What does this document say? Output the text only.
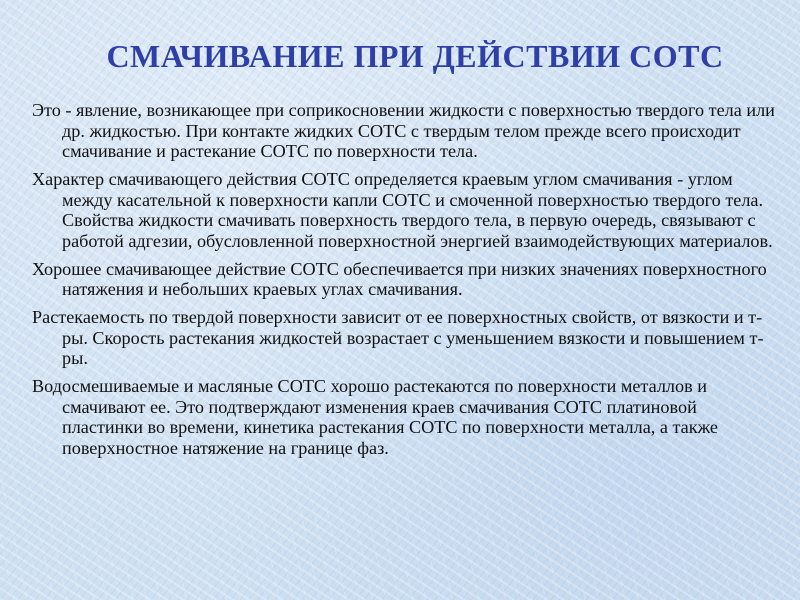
СМАЧИВАНИЕ ПРИ ДЕЙСТВИИ СОТС

Это - явление, возникающее при соприкосновении жидкости с поверхностью твердого тела или др. жидкостью. При контакте жидких СОТС с твердым телом прежде всего происходит смачивание и растекание СОТС по поверхности тела.

Характер смачивающего действия СОТС определяется краевым углом смачивания - углом между касательной к поверхности капли СОТС и смоченной поверхностью твердого тела. Свойства жидкости смачивать поверхность твердого тела, в первую очередь, связывают с работой адгезии, обусловленной поверхностной энергией взаимодействующих материалов.

Хорошее смачивающее действие СОТС обеспечивается при низких значениях поверхностного натяжения и небольших краевых углах смачивания.

Растекаемость по твердой поверхности зависит от ее поверхностных свойств, от вязкости и т-ры. Скорость растекания жидкостей возрастает с уменьшением вязкости и повышением т-ры.

Водосмешиваемые и масляные СОТС хорошо растекаются по поверхности металлов и смачивают ее. Это подтверждают изменения краев смачивания СОТС платиновой пластинки во времени, кинетика растекания СОТС по поверхности металла, а также поверхностное натяжение на границе фаз.
